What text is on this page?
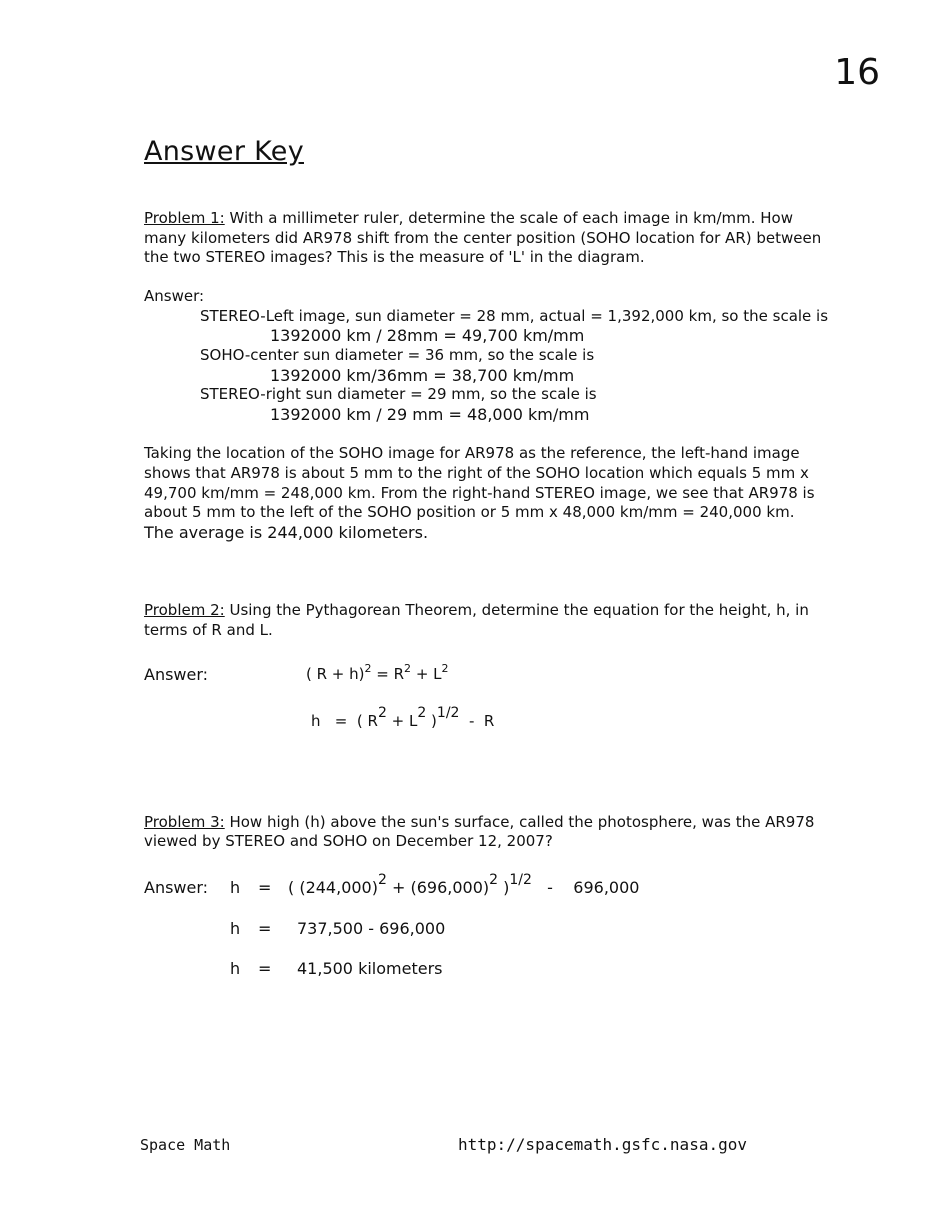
16
Answer Key
Problem 1: With a millimeter ruler, determine the scale of each image in km/mm. How many kilometers did AR978 shift from the center position (SOHO location for AR) between the two STEREO images? This is the measure of 'L' in the diagram.
Answer:
STEREO-Left image, sun diameter = 28 mm, actual = 1,392,000 km, so the scale is
1392000 km / 28mm = 49,700 km/mm
SOHO-center sun diameter = 36 mm, so the scale is
1392000 km/36mm = 38,700 km/mm
STEREO-right sun diameter = 29 mm, so the scale is
1392000 km / 29 mm = 48,000 km/mm
Taking the location of the SOHO image for AR978 as the reference, the left-hand image
shows that AR978 is about 5 mm to the right of the SOHO location which equals 5 mm x
49,700 km/mm = 248,000 km. From the right-hand STEREO image, we see that AR978 is
about 5 mm to the left of the SOHO position or 5 mm x 48,000 km/mm = 240,000 km.
The average is 244,000 kilometers.
Problem 2: Using the Pythagorean Theorem, determine the equation for the height, h, in
terms of R and L.
Answer:	( $R + h)^2 = R^2 + L^2$
h   =  ( $R^2 + L^2$ )$^{1/2}$  -  R
Problem 3: How high (h) above the sun's surface, called the photosphere, was the AR978
viewed by STEREO and SOHO on December 12, 2007?
Answer: h = ( $(244,000)^2 + (696,000)^2$ )$^{1/2}$   -    696,000
h = 737,500 - 696,000
h = 41,500 kilometers
Space Math	http://spacemath.gsfc.nasa.gov
